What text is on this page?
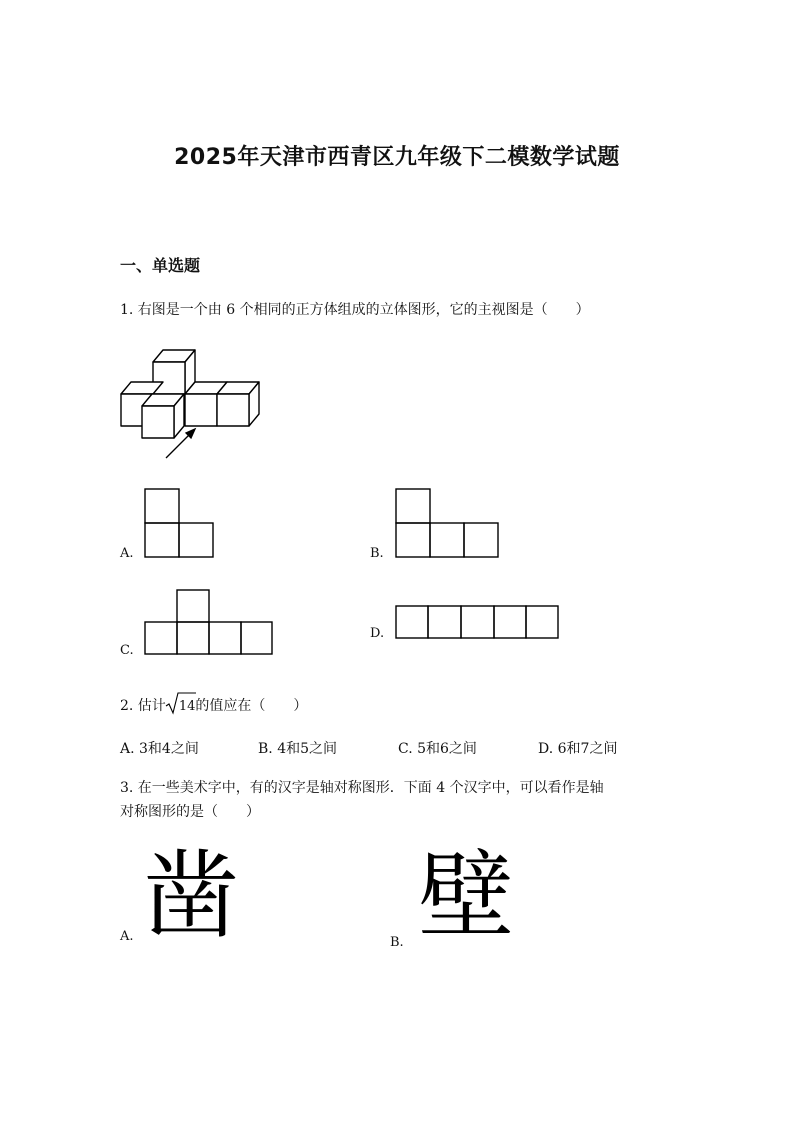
2025年天津市西青区九年级下二模数学试题
一、单选题
1. 右图是一个由 6 个相同的正方体组成的立体图形，它的主视图是（　　）
A.	B.
C.
D.
2. 估计 14的值应在（　　）
A. 3和4之间	B. 4和5之间	C. 5和6之间	D. 6和7之间
3. 在一些美术字中，有的汉字是轴对称图形．下面 4 个汉字中，可以看作是轴
对称图形的是（　　）
A. 凿	B. 壁
